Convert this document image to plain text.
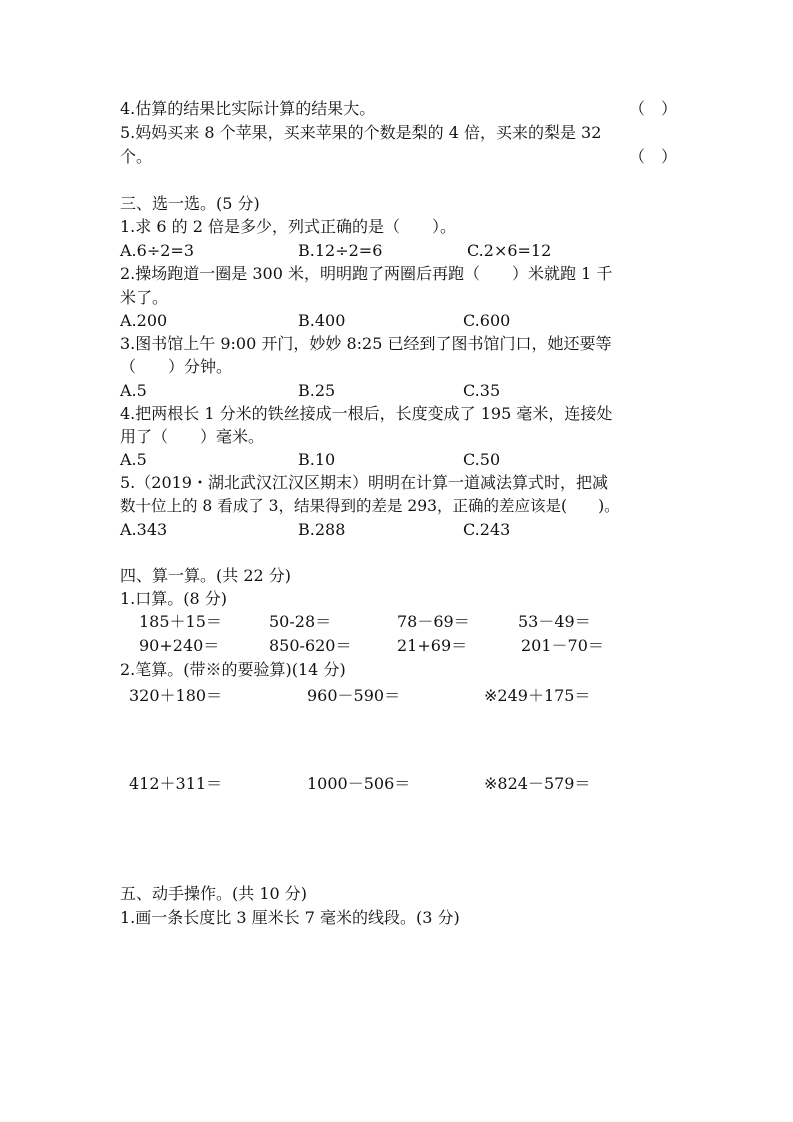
4.估算的结果比实际计算的结果大。	（　）
5.妈妈买来 8 个苹果，买来苹果的个数是梨的 4 倍，买来的梨是 32
个。	（　）
三、选一选。(5 分)
1.求 6 的 2 倍是多少，列式正确的是（　　）。
A.6÷2=3	B.12÷2=6	C.2×6=12
2.操场跑道一圈是 300 米，明明跑了两圈后再跑（　　）米就跑 1 千
米了。
A.200	B.400	C.600
3.图书馆上午 9:00 开门，妙妙 8:25 已经到了图书馆门口，她还要等
（　　）分钟。
A.5	B.25	C.35
4.把两根长 1 分米的铁丝接成一根后，长度变成了 195 毫米，连接处
用了（　　）毫米。
A.5	B.10	C.50
5.（2019・湖北武汉江汉区期末）明明在计算一道减法算式时，把减
数十位上的 8 看成了 3，结果得到的差是 293，正确的差应该是(　　)。
A.343	B.288	C.243
四、算一算。(共 22 分)
1.口算。(8 分)
185＋15＝	50-28＝	78－69＝	53－49＝
90+240＝	850-620＝	21+69＝	201－70＝
2.笔算。(带※的要验算)(14 分)
320＋180＝	960－590＝	※249＋175＝
412＋311＝	1000－506＝	※824－579＝
五、动手操作。(共 10 分)
1.画一条长度比 3 厘米长 7 毫米的线段。(3 分)
